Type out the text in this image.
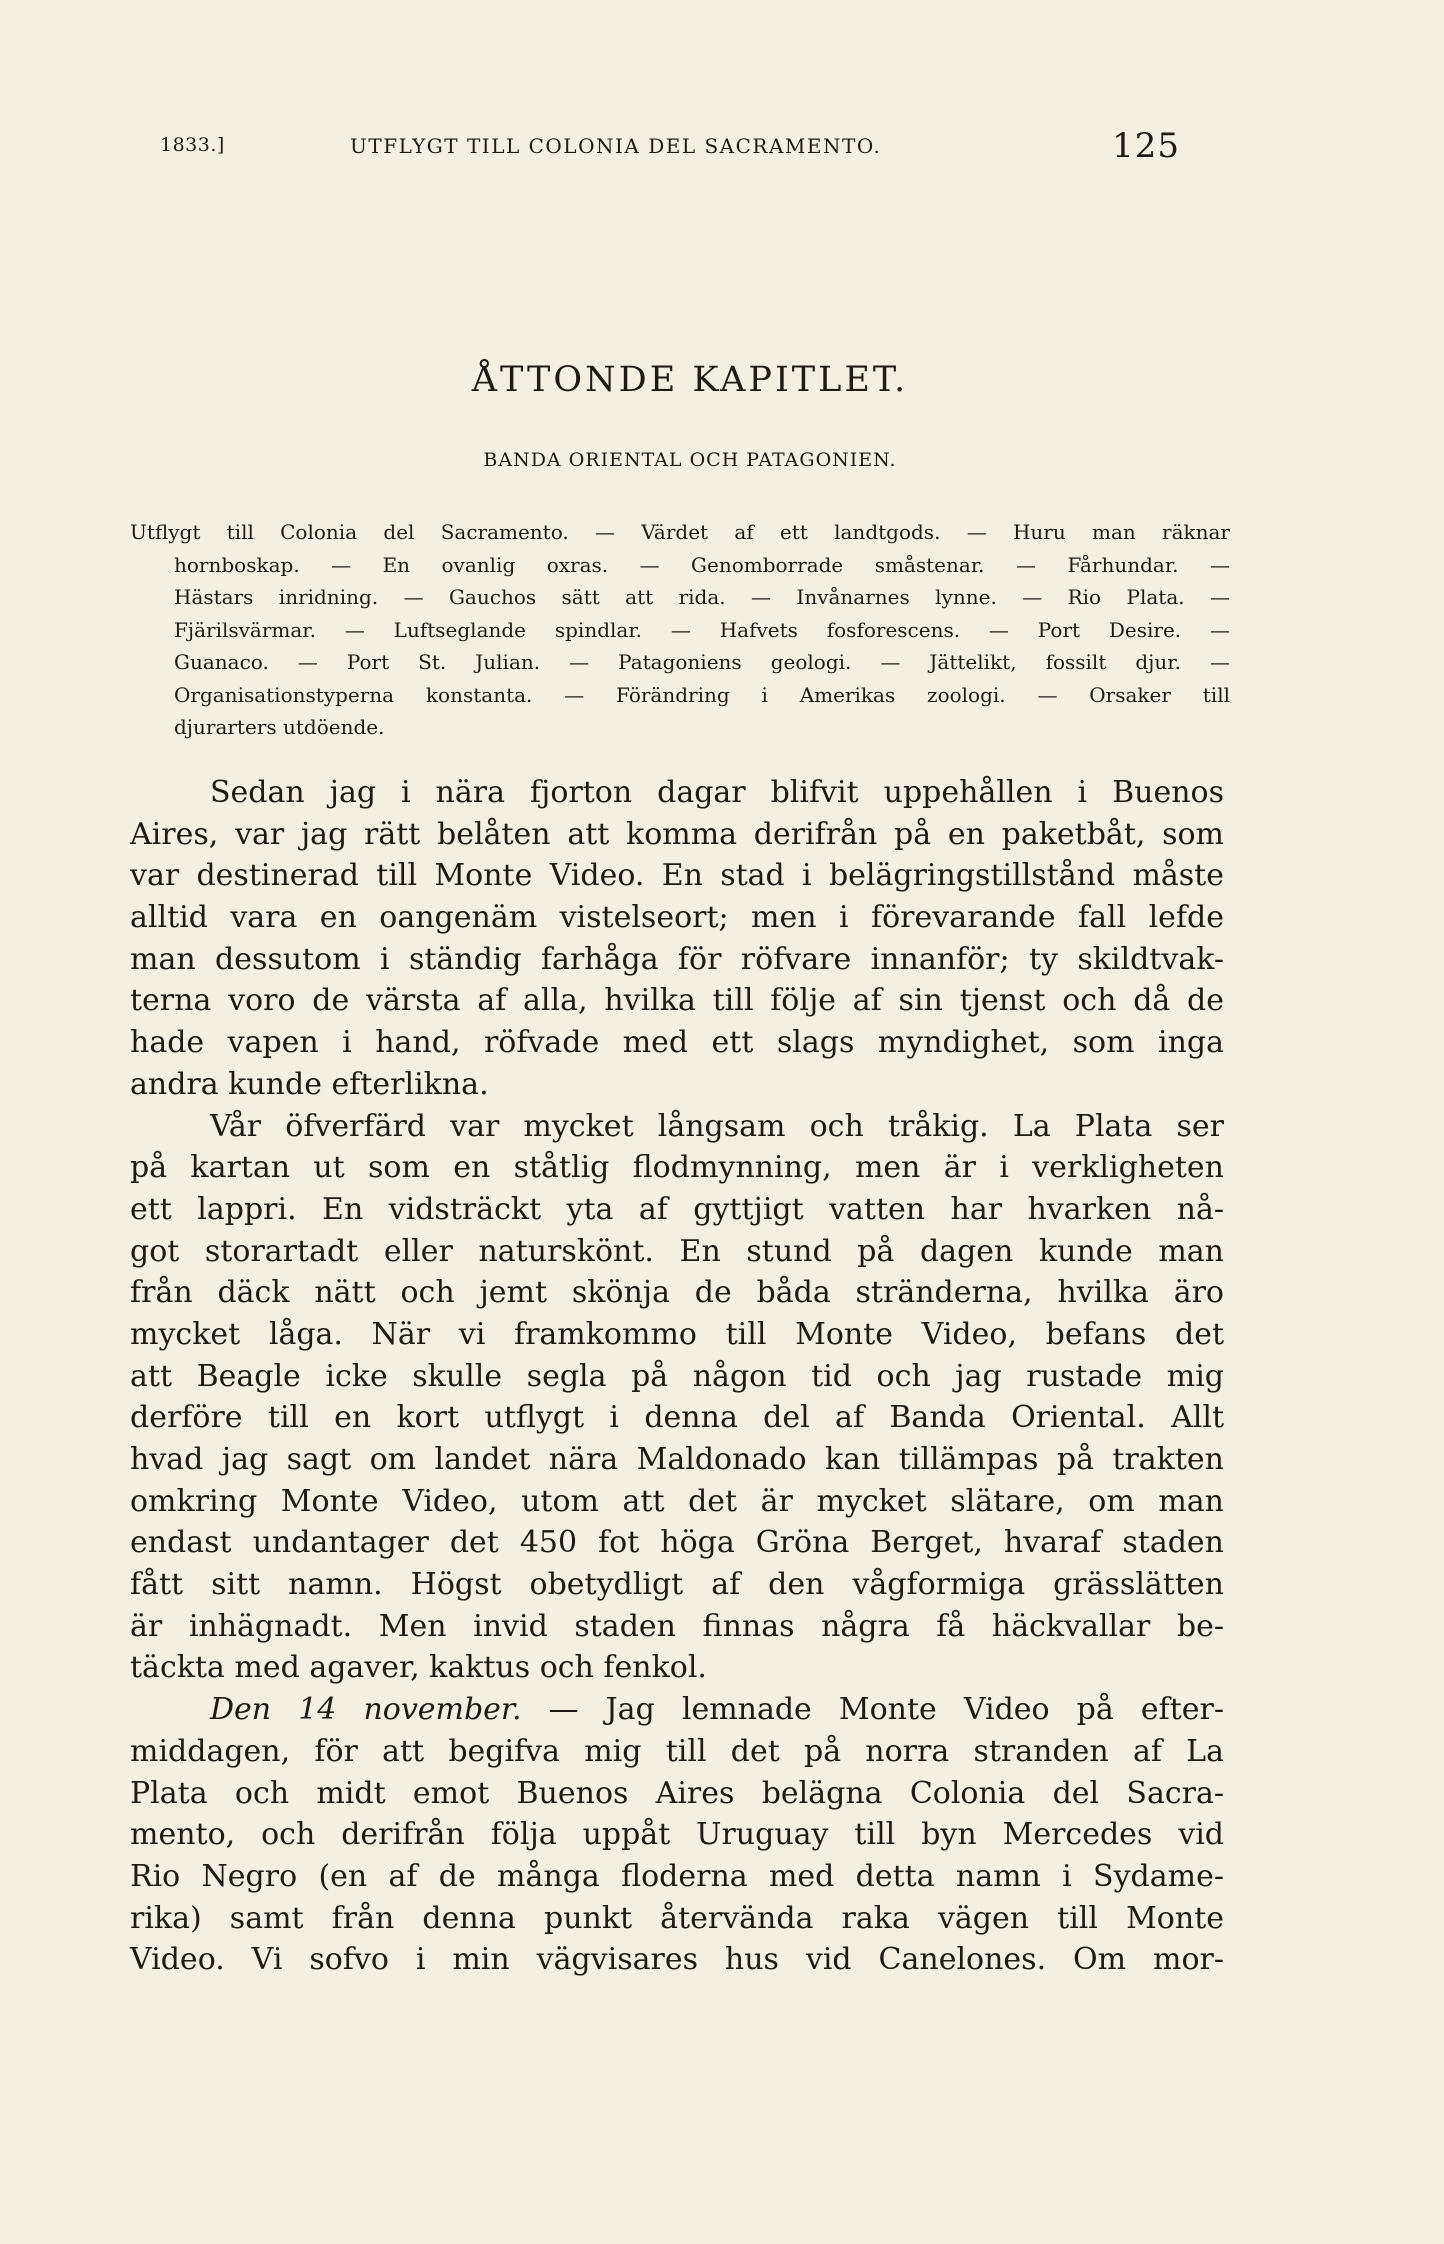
1833.]	UTFLYGT TILL COLONIA DEL SACRAMENTO.	125
ÅTTONDE KAPITLET.
BANDA ORIENTAL OCH PATAGONIEN.
Utflygt till Colonia del Sacramento. — Värdet af ett landtgods. — Huru man räknar
hornboskap. — En ovanlig oxras. — Genomborrade småstenar. — Fårhundar. —
Hästars inridning. — Gauchos sätt att rida. — Invånarnes lynne. — Rio Plata. —
Fjärilsvärmar. — Luftseglande spindlar. — Hafvets fosforescens. — Port Desire. —
Guanaco. — Port St. Julian. — Patagoniens geologi. — Jättelikt, fossilt djur. —
Organisationstyperna konstanta. — Förändring i Amerikas zoologi. — Orsaker till
djurarters utdöende.
Sedan jag i nära fjorton dagar blifvit uppehållen i Buenos
Aires, var jag rätt belåten att komma derifrån på en paketbåt, som
var destinerad till Monte Video. En stad i belägringstillstånd måste
alltid vara en oangenäm vistelseort; men i förevarande fall lefde
man dessutom i ständig farhåga för röfvare innanför; ty skildtvak-
terna voro de värsta af alla, hvilka till följe af sin tjenst och då de
hade vapen i hand, röfvade med ett slags myndighet, som inga
andra kunde efterlikna.
Vår öfverfärd var mycket långsam och tråkig. La Plata ser
på kartan ut som en ståtlig flodmynning, men är i verkligheten
ett lappri. En vidsträckt yta af gyttjigt vatten har hvarken nå-
got storartadt eller naturskönt. En stund på dagen kunde man
från däck nätt och jemt skönja de båda stränderna, hvilka äro
mycket låga. När vi framkommo till Monte Video, befans det
att Beagle icke skulle segla på någon tid och jag rustade mig
derföre till en kort utflygt i denna del af Banda Oriental. Allt
hvad jag sagt om landet nära Maldonado kan tillämpas på trakten
omkring Monte Video, utom att det är mycket slätare, om man
endast undantager det 450 fot höga Gröna Berget, hvaraf staden
fått sitt namn. Högst obetydligt af den vågformiga grässlätten
är inhägnadt. Men invid staden finnas några få häckvallar be-
täckta med agaver, kaktus och fenkol.
Den 14 november. — Jag lemnade Monte Video på efter-
middagen, för att begifva mig till det på norra stranden af La
Plata och midt emot Buenos Aires belägna Colonia del Sacra-
mento, och derifrån följa uppåt Uruguay till byn Mercedes vid
Rio Negro (en af de många floderna med detta namn i Sydame-
rika) samt från denna punkt återvända raka vägen till Monte
Video. Vi sofvo i min vägvisares hus vid Canelones. Om mor-
